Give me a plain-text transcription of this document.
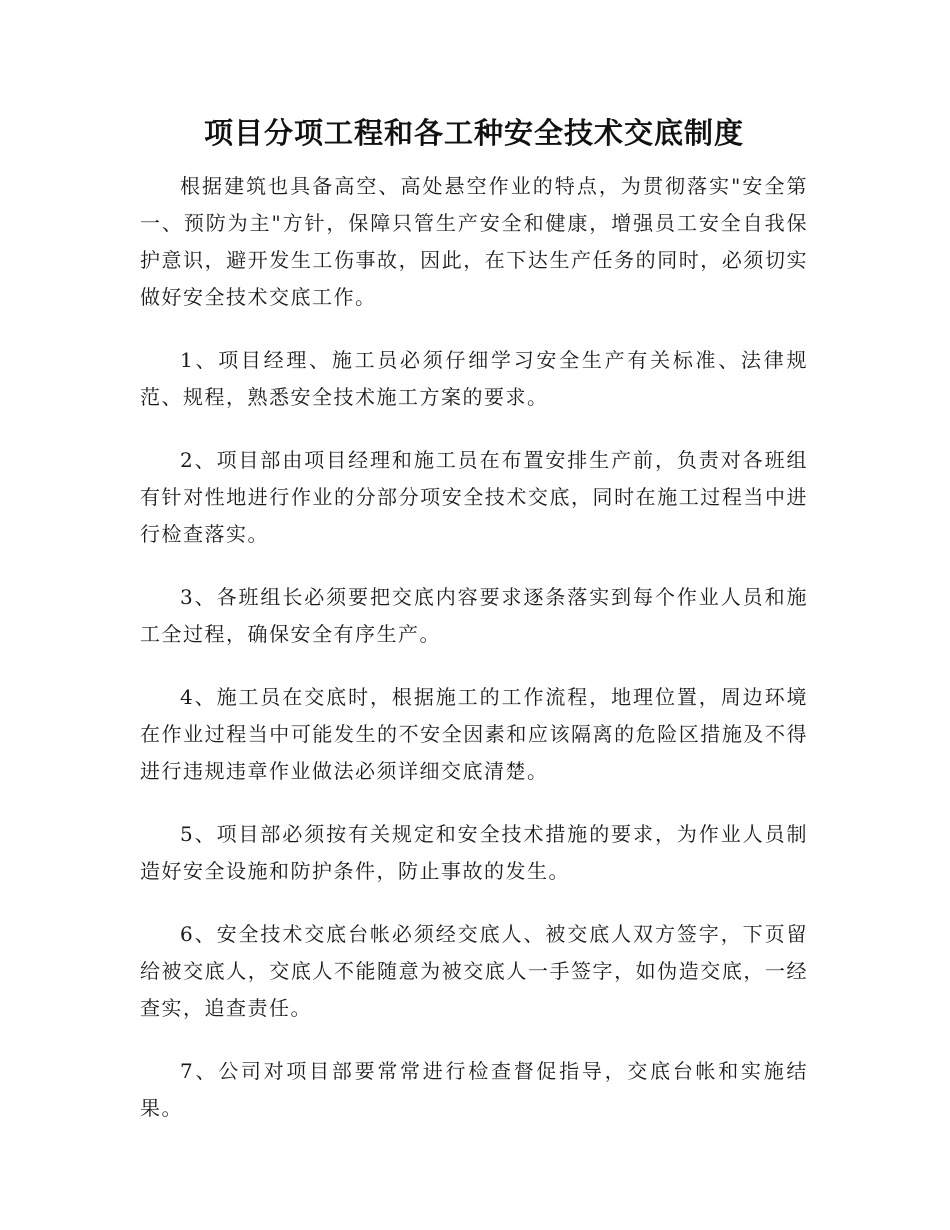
项目分项工程和各工种安全技术交底制度

根据建筑也具备高空、高处悬空作业的特点，为贯彻落实"安全第一、预防为主"方针，保障只管生产安全和健康，增强员工安全自我保护意识，避开发生工伤事故，因此，在下达生产任务的同时，必须切实做好安全技术交底工作。

1、项目经理、施工员必须仔细学习安全生产有关标准、法律规范、规程，熟悉安全技术施工方案的要求。

2、项目部由项目经理和施工员在布置安排生产前，负责对各班组有针对性地进行作业的分部分项安全技术交底，同时在施工过程当中进行检查落实。

3、各班组长必须要把交底内容要求逐条落实到每个作业人员和施工全过程，确保安全有序生产。

4、施工员在交底时，根据施工的工作流程，地理位置，周边环境在作业过程当中可能发生的不安全因素和应该隔离的危险区措施及不得进行违规违章作业做法必须详细交底清楚。

5、项目部必须按有关规定和安全技术措施的要求，为作业人员制造好安全设施和防护条件，防止事故的发生。

6、安全技术交底台帐必须经交底人、被交底人双方签字，下页留给被交底人，交底人不能随意为被交底人一手签字，如伪造交底，一经查实，追查责任。

7、公司对项目部要常常进行检查督促指导，交底台帐和实施结果。
